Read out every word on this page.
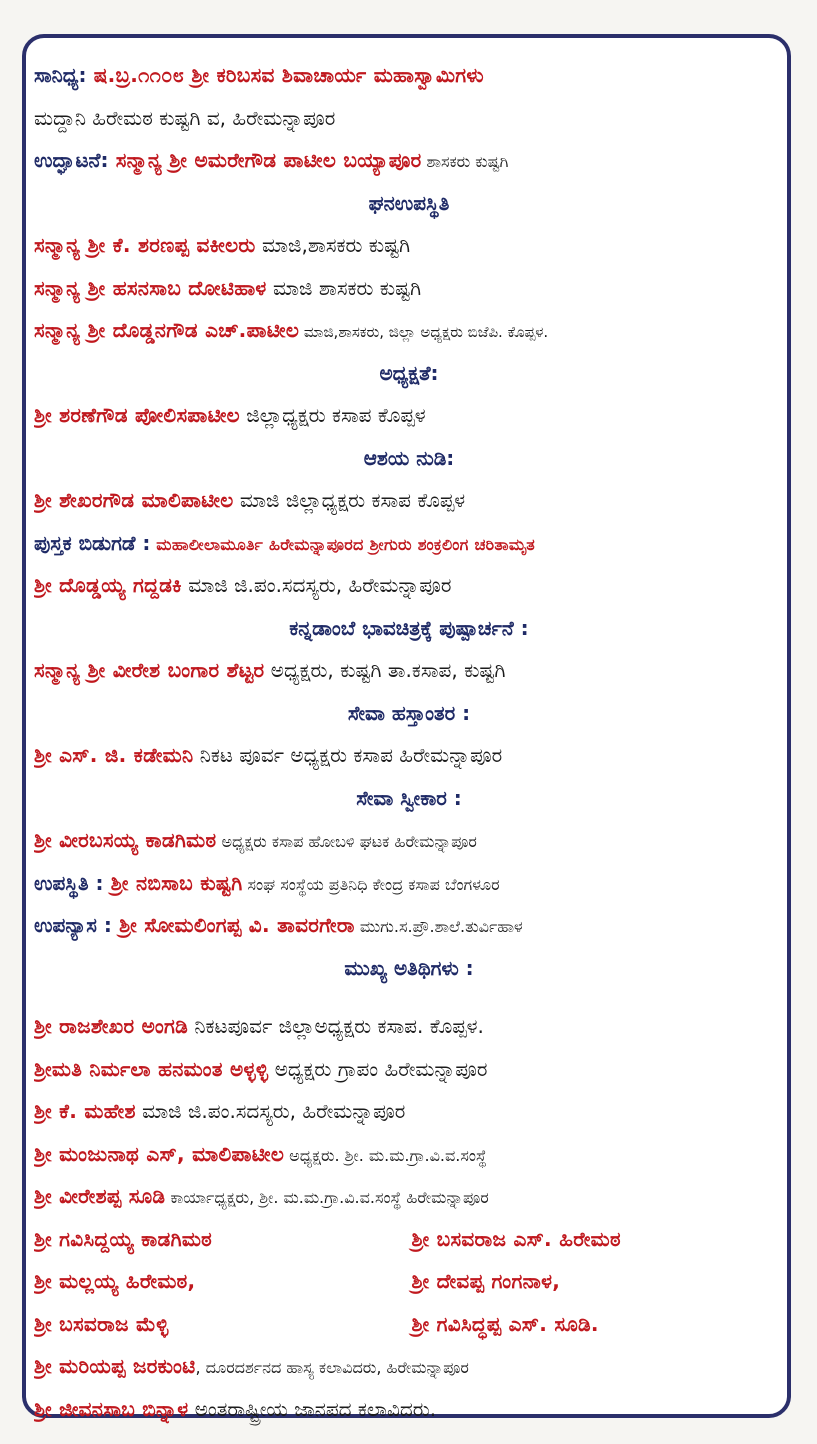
ಸಾನಿಧ್ಯ: ಷ.ಬ್ರ.೧೧೦೮ ಶ್ರೀ ಕರಿಬಸವ ಶಿವಾಚಾರ್ಯ ಮಹಾಸ್ವಾಮಿಗಳು
ಮದ್ದಾನಿ ಹಿರೇಮಠ ಕುಷ್ಟಗಿ ವ, ಹಿರೇಮನ್ನಾಪೂರ
ಉದ್ಘಾಟನೆ: ಸನ್ಮಾನ್ಯ ಶ್ರೀ ಅಮರೇಗೌಡ ಪಾಟೀಲ ಬಯ್ಯಾಪೂರ ಶಾಸಕರು ಕುಷ್ಟಗಿ
ಘನಉಪಸ್ಥಿತಿ
ಸನ್ಮಾನ್ಯ ಶ್ರೀ ಕೆ. ಶರಣಪ್ಪ ವಕೀಲರು ಮಾಜಿ,ಶಾಸಕರು ಕುಷ್ಟಗಿ
ಸನ್ಮಾನ್ಯ ಶ್ರೀ ಹಸನಸಾಬ ದೋಟಿಹಾಳ ಮಾಜಿ ಶಾಸಕರು ಕುಷ್ಟಗಿ
ಸನ್ಮಾನ್ಯ ಶ್ರೀ ದೊಡ್ಡನಗೌಡ ಎಚ್.ಪಾಟೀಲ ಮಾಜಿ,ಶಾಸಕರು, ಜಿಲ್ಲಾ ಅಧ್ಯಕ್ಷರು ಬಿಜೆಪಿ. ಕೊಪ್ಪಳ.
ಅಧ್ಯಕ್ಷತೆ:
ಶ್ರೀ ಶರಣೆಗೌಡ ಪೋಲಿಸಪಾಟೀಲ ಜಿಲ್ಲಾಧ್ಯಕ್ಷರು ಕಸಾಪ ಕೊಪ್ಪಳ
ಆಶಯ ನುಡಿ:
ಶ್ರೀ ಶೇಖರಗೌಡ ಮಾಲಿಪಾಟೀಲ ಮಾಜಿ ಜಿಲ್ಲಾಧ್ಯಕ್ಷರು ಕಸಾಪ ಕೊಪ್ಪಳ
ಪುಸ್ತಕ ಬಿಡುಗಡೆ : ಮಹಾಲೀಲಾಮೂರ್ತಿ ಹಿರೇಮನ್ನಾಪೂರದ ಶ್ರೀಗುರು ಶಂಕ್ರಲಿಂಗ ಚರಿತಾಮೃತ
ಶ್ರೀ ದೊಡ್ಡಯ್ಯ ಗದ್ದಡಕಿ ಮಾಜಿ ಜಿ.ಪಂ.ಸದಸ್ಯರು, ಹಿರೇಮನ್ನಾಪೂರ
ಕನ್ನಡಾಂಬೆ ಭಾವಚಿತ್ರಕ್ಕೆ ಪುಷ್ಪಾರ್ಚನೆ :
ಸನ್ಮಾನ್ಯ ಶ್ರೀ ವೀರೇಶ ಬಂಗಾರ ಶೆಟ್ಟರ ಅಧ್ಯಕ್ಷರು, ಕುಷ್ಟಗಿ ತಾ.ಕಸಾಪ, ಕುಷ್ಟಗಿ
ಸೇವಾ ಹಸ್ತಾಂತರ :
ಶ್ರೀ ಎಸ್. ಜಿ. ಕಡೇಮನಿ ನಿಕಟ ಪೂರ್ವ ಅಧ್ಯಕ್ಷರು ಕಸಾಪ ಹಿರೇಮನ್ನಾಪೂರ
ಸೇವಾ ಸ್ವೀಕಾರ :
ಶ್ರೀ ವೀರಬಸಯ್ಯ ಕಾಡಗಿಮಠ ಅಧ್ಯಕ್ಷರು ಕಸಾಪ ಹೋಬಳಿ ಘಟಕ ಹಿರೇಮನ್ನಾಪೂರ
ಉಪಸ್ಥಿತಿ : ಶ್ರೀ ನಬಿಸಾಬ ಕುಷ್ಟಗಿ ಸಂಘ ಸಂಸ್ಥೆಯ ಪ್ರತಿನಿಧಿ ಕೇಂದ್ರ ಕಸಾಪ ಬೆಂಗಳೂರ
ಉಪನ್ಯಾಸ : ಶ್ರೀ ಸೋಮಲಿಂಗಪ್ಪ ವಿ. ತಾವರಗೇರಾ ಮುಗು.ಸ.ಪ್ರೌ.ಶಾಲೆ.ತುರ್ವಿಹಾಳ
ಮುಖ್ಯ ಅತಿಥಿಗಳು :
ಶ್ರೀ ರಾಜಶೇಖರ ಅಂಗಡಿ ನಿಕಟಪೂರ್ವ ಜಿಲ್ಲಾಅಧ್ಯಕ್ಷರು ಕಸಾಪ. ಕೊಪ್ಪಳ.
ಶ್ರೀಮತಿ ನಿರ್ಮಲಾ ಹನಮಂತ ಅಳ್ಳಳ್ಳಿ ಅಧ್ಯಕ್ಷರು ಗ್ರಾಪಂ ಹಿರೇಮನ್ನಾಪೂರ
ಶ್ರೀ ಕೆ. ಮಹೇಶ ಮಾಜಿ ಜಿ.ಪಂ.ಸದಸ್ಯರು, ಹಿರೇಮನ್ನಾಪೂರ
ಶ್ರೀ ಮಂಜುನಾಥ ಎಸ್, ಮಾಲಿಪಾಟೀಲ ಅಧ್ಯಕ್ಷರು. ಶ್ರೀ. ಮ.ಮ.ಗ್ರಾ.ವಿ.ವ.ಸಂಸ್ಥೆ
ಶ್ರೀ ವೀರೇಶಪ್ಪ ಸೂಡಿ ಕಾರ್ಯಾಧ್ಯಕ್ಷರು, ಶ್ರೀ. ಮ.ಮ.ಗ್ರಾ.ವಿ.ವ.ಸಂಸ್ಥೆ ಹಿರೇಮನ್ನಾಪೂರ
ಶ್ರೀ ಗವಿಸಿದ್ದಯ್ಯ ಕಾಡಗಿಮಠ	ಶ್ರೀ ಬಸವರಾಜ ಎಸ್. ಹಿರೇಮಠ
ಶ್ರೀ ಮಲ್ಲಯ್ಯ ಹಿರೇಮಠ,	ಶ್ರೀ ದೇವಪ್ಪ ಗಂಗನಾಳ,
ಶ್ರೀ ಬಸವರಾಜ ಮೆಳ್ಳಿ	ಶ್ರೀ ಗವಿಸಿದ್ಧಪ್ಪ ಎಸ್. ಸೂಡಿ.
ಶ್ರೀ ಮರಿಯಪ್ಪ ಜರಕುಂಟಿ, ದೂರದರ್ಶನದ ಹಾಸ್ಯ ಕಲಾವಿದರು, ಹಿರೇಮನ್ನಾಪೂರ
ಶ್ರೀ ಜೀವನಸಾಬ ಬಿನ್ನಾಳ ಅಂತರಾಷ್ಟ್ರೀಯ ಜಾನಪದ ಕಲಾವಿದರು.
